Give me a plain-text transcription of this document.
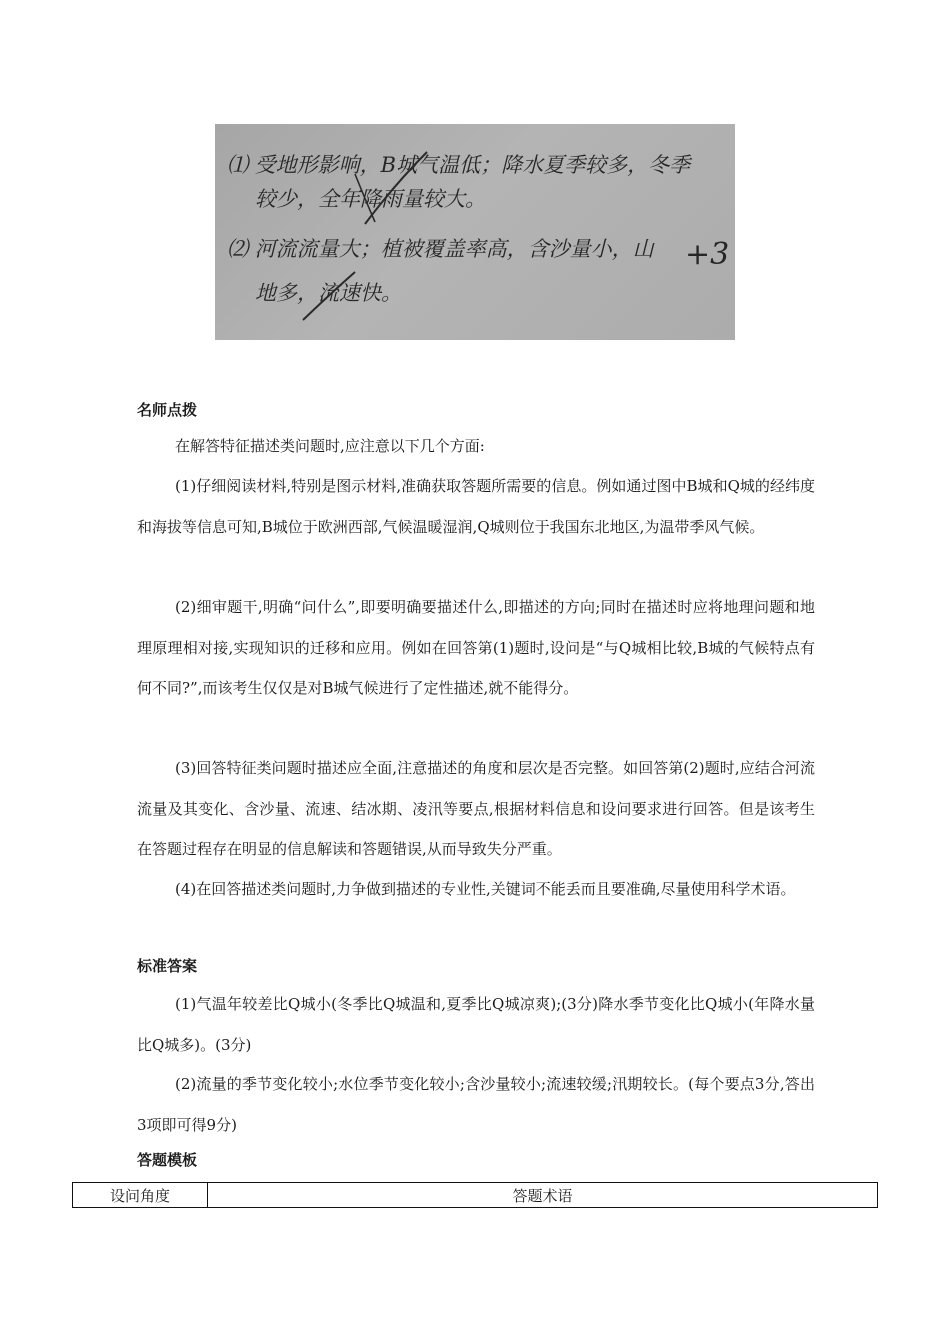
⑴ 受地形影响，B城气温低；降水夏季较多，冬季
较少，全年降雨量较大。
⑵ 河流流量大；植被覆盖率高，含沙量小，山
地多，流速快。
+3
名师点拨

在解答特征描述类问题时,应注意以下几个方面:

(1)仔细阅读材料,特别是图示材料,准确获取答题所需要的信息。例如通过图中B城和Q城的经纬度和海拔等信息可知,B城位于欧洲西部,气候温暖湿润,Q城则位于我国东北地区,为温带季风气候。

(2)细审题干,明确“问什么”,即要明确要描述什么,即描述的方向;同时在描述时应将地理问题和地理原理相对接,实现知识的迁移和应用。例如在回答第(1)题时,设问是“与Q城相比较,B城的气候特点有何不同?”,而该考生仅仅是对B城气候进行了定性描述,就不能得分。

(3)回答特征类问题时描述应全面,注意描述的角度和层次是否完整。如回答第(2)题时,应结合河流流量及其变化、含沙量、流速、结冰期、凌汛等要点,根据材料信息和设问要求进行回答。但是该考生在答题过程存在明显的信息解读和答题错误,从而导致失分严重。

(4)在回答描述类问题时,力争做到描述的专业性,关键词不能丢而且要准确,尽量使用科学术语。

标准答案

(1)气温年较差比Q城小(冬季比Q城温和,夏季比Q城凉爽);(3分)降水季节变化比Q城小(年降水量比Q城多)。(3分)

(2)流量的季节变化较小;水位季节变化较小;含沙量较小;流速较缓;汛期较长。(每个要点3分,答出3项即可得9分)

答题模板
设问角度	答题术语
